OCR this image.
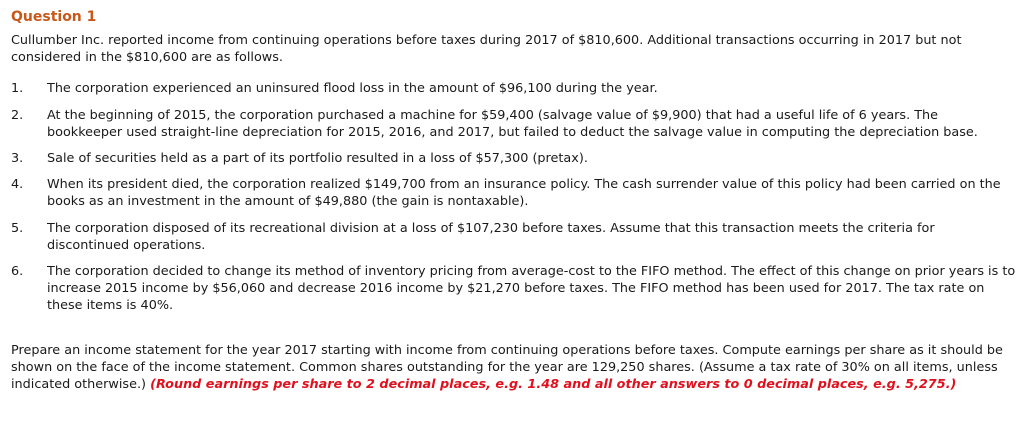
Question 1

Cullumber Inc. reported income from continuing operations before taxes during 2017 of $810,600. Additional transactions occurring in 2017 but not considered in the $810,600 are as follows.

1.	The corporation experienced an uninsured flood loss in the amount of $96,100 during the year.
2.	At the beginning of 2015, the corporation purchased a machine for $59,400 (salvage value of $9,900) that had a useful life of 6 years. The bookkeeper used straight-line depreciation for 2015, 2016, and 2017, but failed to deduct the salvage value in computing the depreciation base.
3.	Sale of securities held as a part of its portfolio resulted in a loss of $57,300 (pretax).
4.	When its president died, the corporation realized $149,700 from an insurance policy. The cash surrender value of this policy had been carried on the books as an investment in the amount of $49,880 (the gain is nontaxable).
5.	The corporation disposed of its recreational division at a loss of $107,230 before taxes. Assume that this transaction meets the criteria for discontinued operations.
6.	The corporation decided to change its method of inventory pricing from average-cost to the FIFO method. The effect of this change on prior years is to increase 2015 income by $56,060 and decrease 2016 income by $21,270 before taxes. The FIFO method has been used for 2017. The tax rate on these items is 40%.

Prepare an income statement for the year 2017 starting with income from continuing operations before taxes. Compute earnings per share as it should be shown on the face of the income statement. Common shares outstanding for the year are 129,250 shares. (Assume a tax rate of 30% on all items, unless indicated otherwise.) (Round earnings per share to 2 decimal places, e.g. 1.48 and all other answers to 0 decimal places, e.g. 5,275.)
